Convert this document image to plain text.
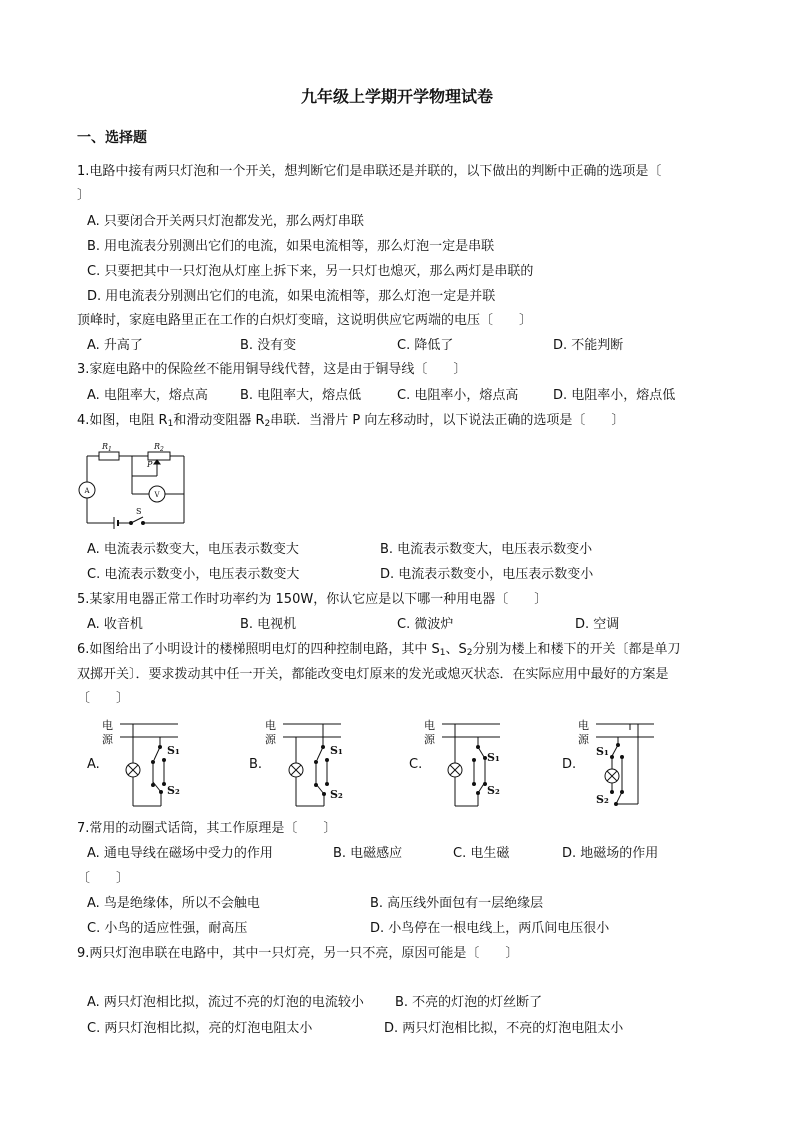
九年级上学期开学物理试卷
一、选择题
1.电路中接有两只灯泡和一个开关，想判断它们是串联还是并联的，以下做出的判断中正确的选项是〔
〕
A. 只要闭合开关两只灯泡都发光，那么两灯串联
B. 用电流表分别测出它们的电流，如果电流相等，那么灯泡一定是串联
C. 只要把其中一只灯泡从灯座上拆下来，另一只灯也熄灭，那么两灯是串联的
D. 用电流表分别测出它们的电流，如果电流相等，那么灯泡一定是并联
顶峰时，家庭电路里正在工作的白炽灯变暗，这说明供应它两端的电压〔　　〕
A. 升高了	B. 没有变	C. 降低了	D. 不能判断
3.家庭电路中的保险丝不能用铜导线代替，这是由于铜导线〔　　〕
A. 电阻率大，熔点高 B. 电阻率大，熔点低	C. 电阻率小，熔点高	D. 电阻率小，熔点低
4.如图，电阻 $R_1$和滑动变阻器 $R_2$串联．当滑片 P 向左移动时，以下说法正确的选项是〔　　〕
$R_1$	$R_2$
P
S
A	V
A. 电流表示数变大，电压表示数变大	B. 电流表示数变大，电压表示数变小
C. 电流表示数变小，电压表示数变大	D. 电流表示数变小，电压表示数变小
5.某家用电器正常工作时功率约为 150W，你认它应是以下哪一种用电器〔　　〕
A. 收音机	B. 电视机	C. 微波炉	D. 空调
6.如图给出了小明设计的楼梯照明电灯的四种控制电路，其中 $S_1$、$S_2$分别为楼上和楼下的开关〔都是单刀
双掷开关〕．要求拨动其中任一开关，都能改变电灯原来的发光或熄灭状态．在实际应用中最好的方案是
〔　　〕
A.	B.	C.	D.
电
源
S₁
S₂
电
源
S₁
S₂
电
源
S₁
S₂
电
源
S₁
S₂
7.常用的动圈式话筒，其工作原理是〔　　〕
A. 通电导线在磁场中受力的作用	B. 电磁感应	C. 电生磁	D. 地磁场的作用
〔　　〕
A. 鸟是绝缘体，所以不会触电	B. 高压线外面包有一层绝缘层
C. 小鸟的适应性强，耐高压	D. 小鸟停在一根电线上，两爪间电压很小
9.两只灯泡串联在电路中，其中一只灯亮，另一只不亮，原因可能是〔　　〕
A. 两只灯泡相比拟，流过不亮的灯泡的电流较小 B. 不亮的灯泡的灯丝断了
C. 两只灯泡相比拟，亮的灯泡电阻太小	D. 两只灯泡相比拟，不亮的灯泡电阻太小
